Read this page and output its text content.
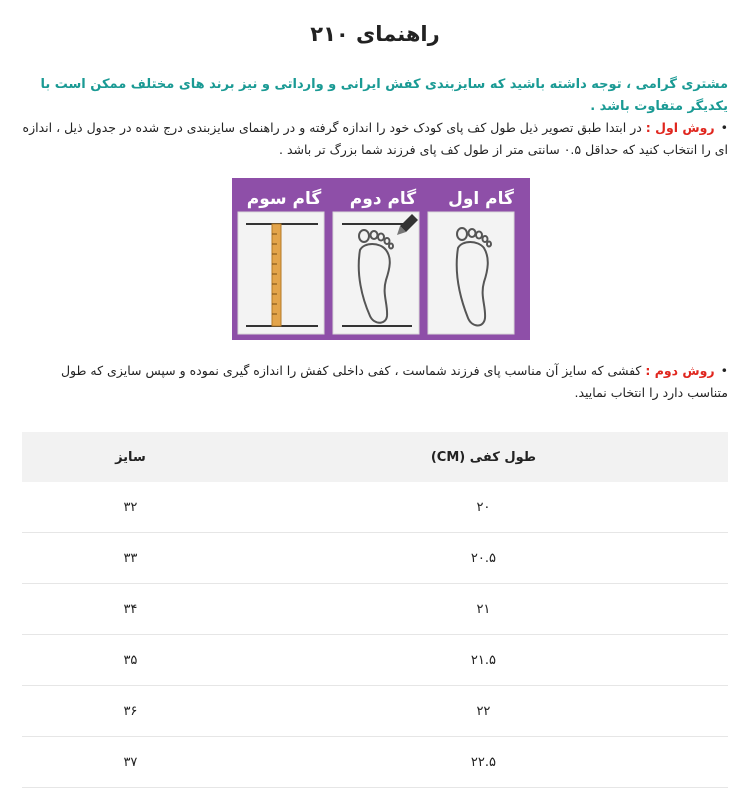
راهنمای ۲۱۰
مشتری گرامی ، توجه داشته باشید که سایزبندی کفش ایرانی و وارداتی و نیز برند های مختلف ممکن است با یکدیگر متفاوت باشد .
•روش اول : در ابتدا طبق تصویر ذیل طول کف پای کودک خود را اندازه گرفته و در راهنمای سایزبندی درج شده در جدول ذیل ، اندازه ای را انتخاب کنید که حداقل ۰.۵ سانتی متر از طول کف پای فرزند شما بزرگ تر باشد .
گام اول
گام دوم
گام سوم
•روش دوم : کفشی که سایز آن مناسب پای فرزند شماست ، کفی داخلی کفش را اندازه گیری نموده و سپس سایزی که طول متناسب دارد را انتخاب نمایید.
طول کفی (CM)	سایز
۲۰	۳۲
۲۰.۵	۳۳
۲۱	۳۴
۲۱.۵	۳۵
۲۲	۳۶
۲۲.۵	۳۷
